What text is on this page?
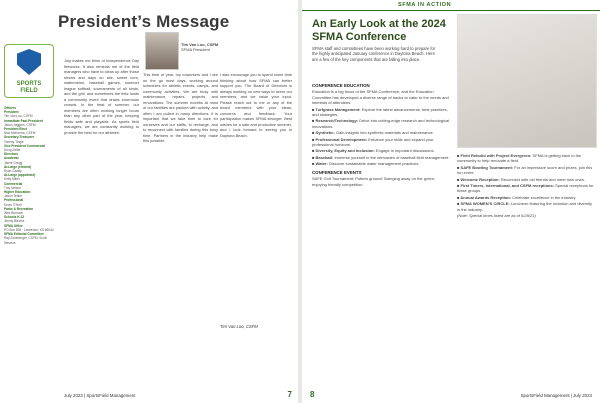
President’s Message
SPORTS
FIELD
Officers
President
Tim Van Loo, CSFM
Immediate Past President
Jason Jaggers, CSFM
President Elect
Nick McKenna, CSFM
Secretary-Treasurer
Tommy Tingle
Vice President Commercial
Doug Zeller
Directors
Academic
Jamie Gregg
At-Large (elected)
Ryan Gaddy
At-Large (appointed)
Kirby Miller
Commercial
Troy Nelson
Higher Education
Jason Tebbe
Professional
Kevin O’Neil
Parks & Recreation
Wes Burrows
Schools K-12
Jimmy Blevins
SFMA Office
PO Box 895 · Lawrence, KS 66044
SFMA Editorial Committee
Ray Eckeberger, CSFM, Scott Stevens
Tim Van Loo, CSFM
SFMA President
July makes me think of Independence Day fireworks. It also reminds me of the field managers who have to clean up after those shows and days on site, sweet corn, watermelon, baseball games, summer league softball, tournaments of all kinds, and the grill, and sometimes the field hosts a community event that draws enormous crowds. In the heat of summer, our members are often working longer hours than any other part of the year, keeping fields safe and playable. As sports field managers, we are constantly working to provide the best for our athletes.
This time of year, my coworkers and I are on the go most days, working around schedules for athletic events, camps, and community activities. We are busy with maintenance, repairs, projects and renovations. The summer months at most of our facilities are packed with activity, and often I am pulled in many directions. It is important that we take time to care for ourselves and our staffs, to recharge, and to reconnect with families during this busy time. Partners in the industry help make this possible.
I also encourage you to spend some time thinking about how SFMA can better support you. The Board of Directors is always working on new ways to serve our members, and we value your input. Please reach out to me or any of the board members with your ideas, concerns and feedback. Your participation makes SFMA stronger. Best wishes for a safe and productive summer, and I look forward to seeing you in Daytona Beach.
Tim Van Loo, CSFM
July 2023 | SportsField Management	7
SFMA IN ACTION
An Early Look at the 2024 SFMA Conference
SFMA staff and committees have been working hard to prepare for the highly anticipated January conference in Daytona Beach. Here are a few of the key components that are falling into place.
CONFERENCE EDUCATION

Education is a big focus of the SFMA Conference, and the Education Committee has developed a diverse range of tracks to cater to the needs and interests of attendees:

■ Turfgrass Management: Explore the latest advancements, best practices, and strategies.
■ Research/Technology: Delve into cutting-edge research and technological innovations.
■ Synthetic: Gain insights into synthetic materials and maintenance.
■ Professional Development: Enhance your skills and expand your professional horizons.
■ Diversity, Equity and Inclusion: Engage in important discussions.
■ Baseball: Immerse yourself in the intricacies of baseball field management.
■ Water: Discover sustainable water management practices.
CONFERENCE EVENTS

SAFE Golf Tournament: Putters ground! Swinging away on the green, enjoying friendly competition.

■ Field Rebuild with Project Evergreen: SFMA is getting back to the community to help renovate a field.
■ SAFE Bowling Tournament: For an impressive score and prizes, join this fun event.
■ Welcome Reception: Reconnect with old friends and meet new ones.
■ First Timers, International, and CSFM receptions: Special receptions for these groups.
■ Annual Awards Reception: Celebrate excellence in the industry.
■ SFMA WOMEN’S CIRCLE: Luncheon featuring the inclusion and diversity in the industry.

(Note: Special times listed are as of 6/29/23)

8	SportsField Management | July 2023
